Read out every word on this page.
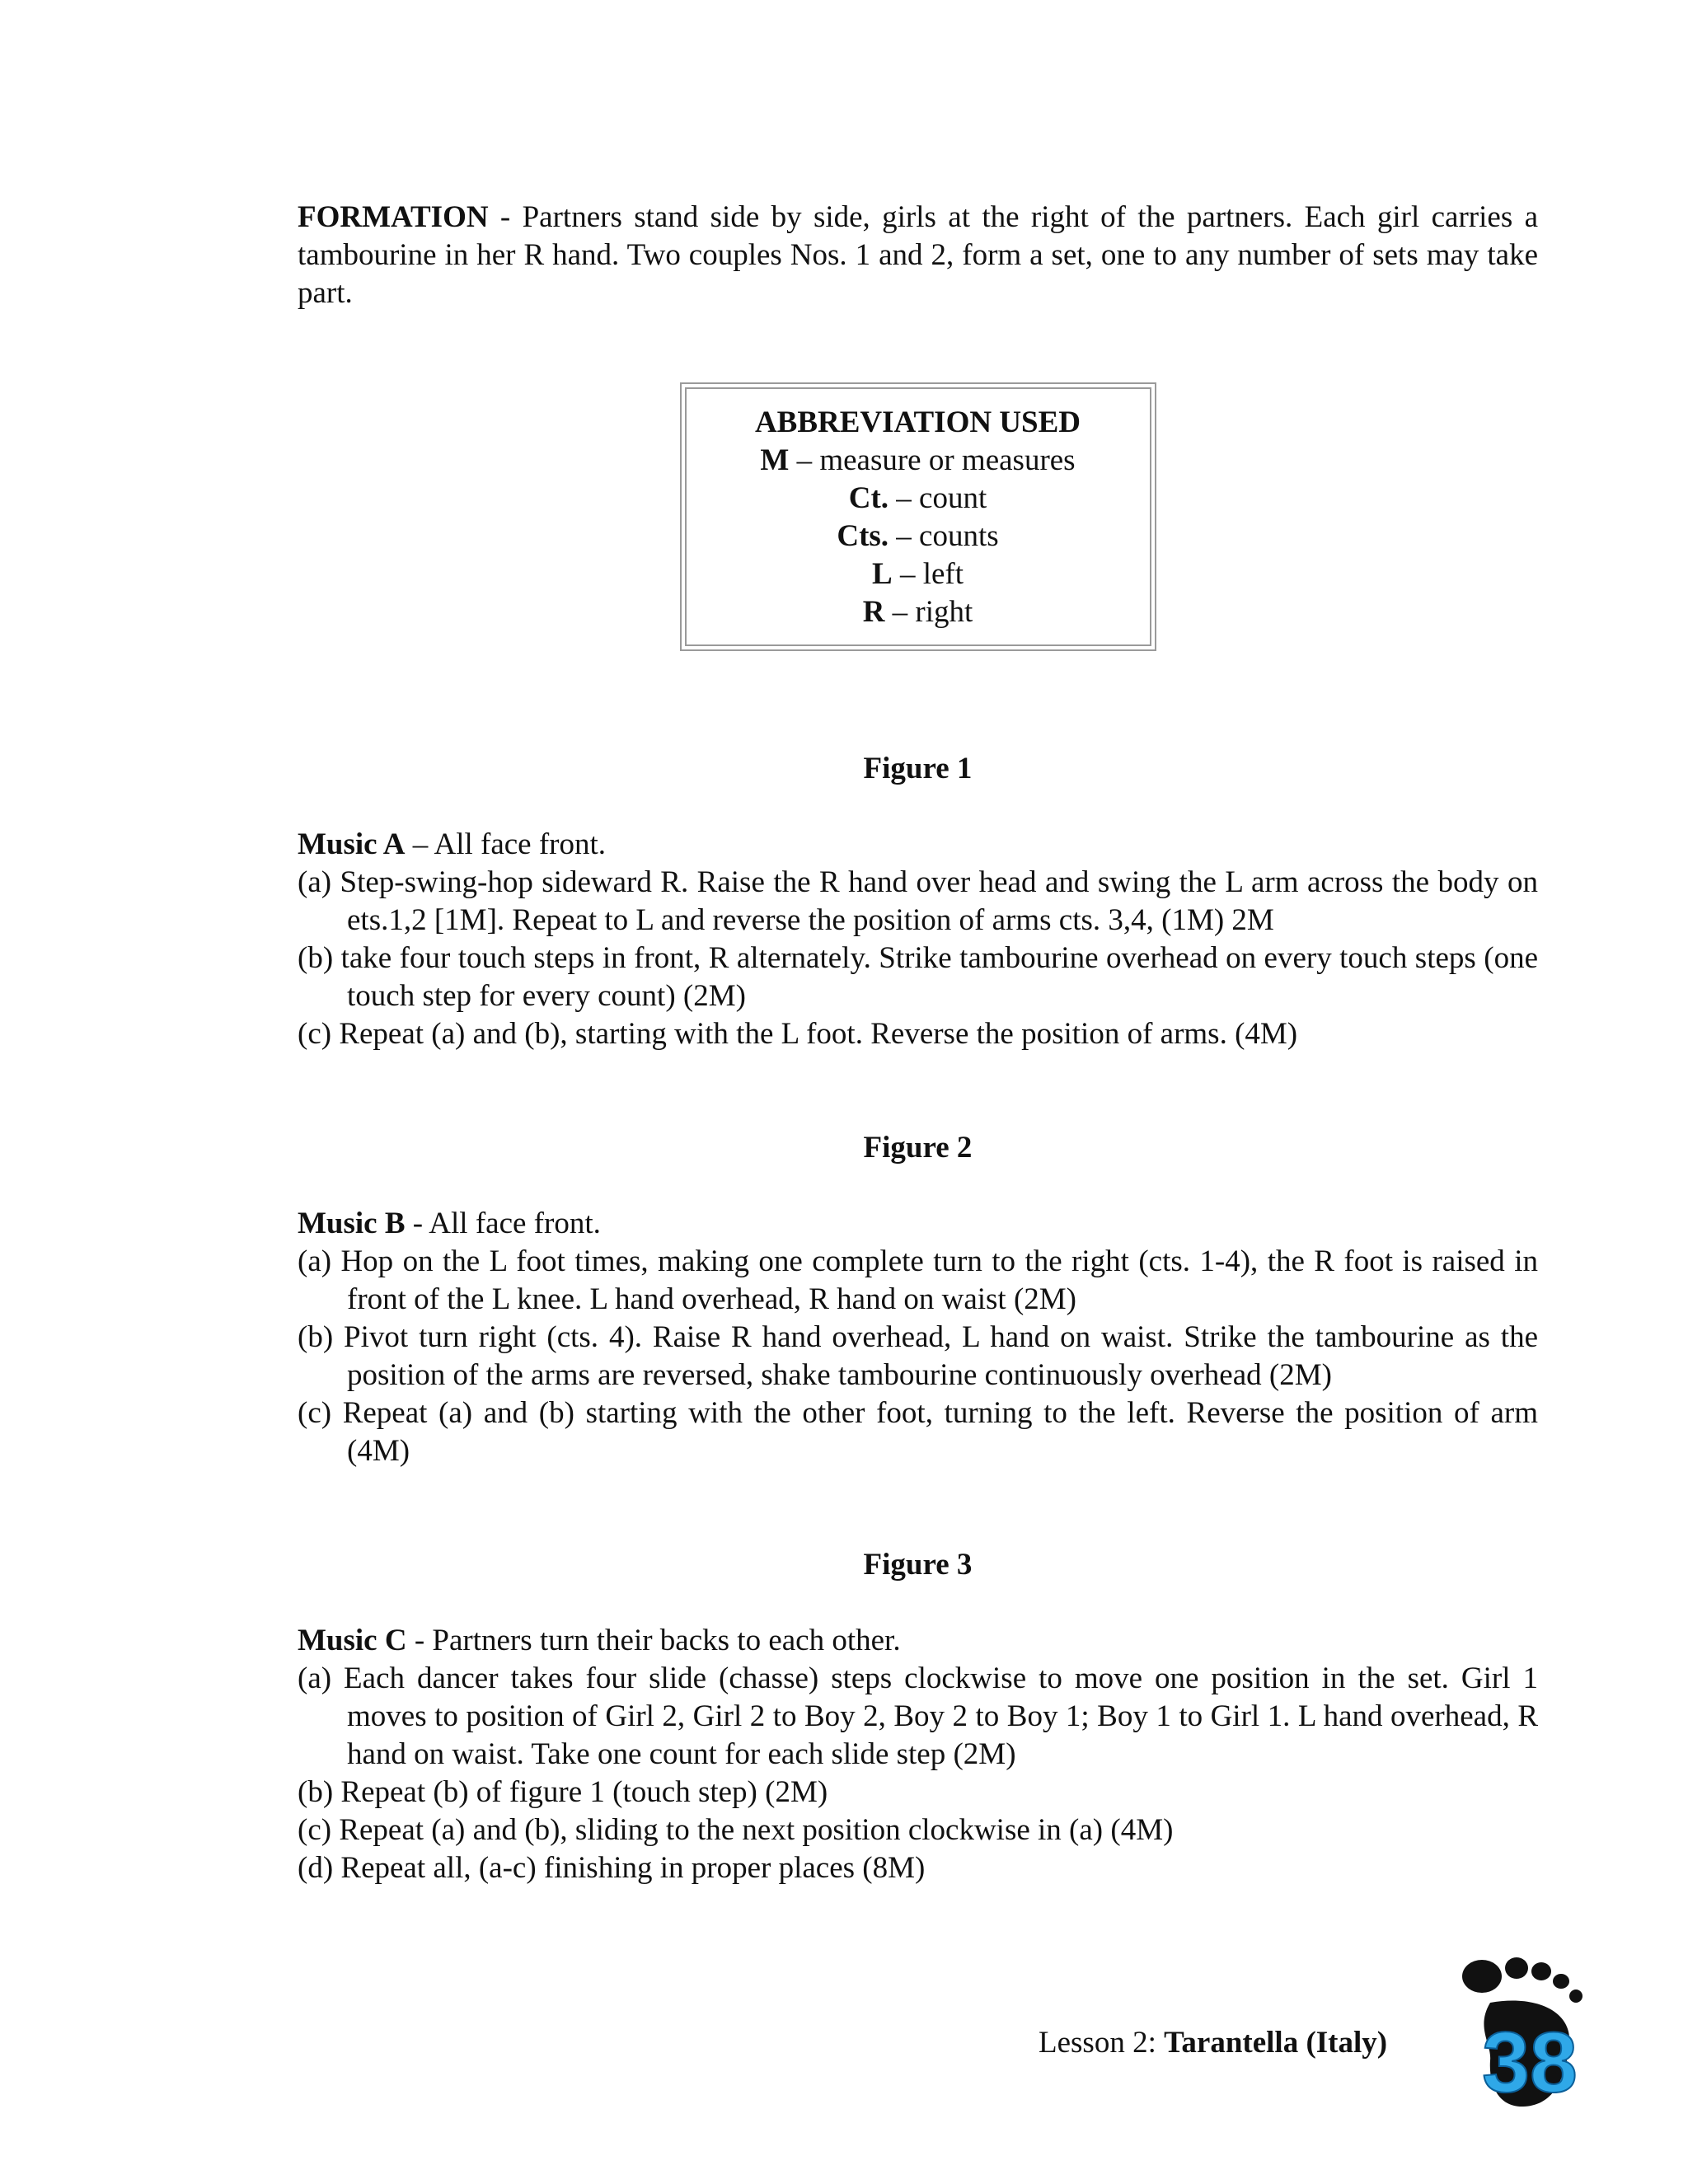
FORMATION - Partners stand side by side, girls at the right of the partners. Each girl carries a tambourine in her R hand. Two couples Nos. 1 and 2, form a set, one to any number of sets may take part.

ABBREVIATION USED
M – measure or measures
Ct. – count
Cts. – counts
L – left
R – right
Figure 1
Music A – All face front.
(a) Step-swing-hop sideward R. Raise the R hand over head and swing the L arm across the body on ets.1,2 [1M]. Repeat to L and reverse the position of arms cts. 3,4, (1M) 2M
(b) take four touch steps in front, R alternately. Strike tambourine overhead on every touch steps (one touch step for every count) (2M)
(c) Repeat (a) and (b), starting with the L foot. Reverse the position of arms. (4M)
Figure 2
Music B - All face front.
(a) Hop on the L foot times, making one complete turn to the right (cts. 1-4), the R foot is raised in front of the L knee. L hand overhead, R hand on waist (2M)
(b) Pivot turn right (cts. 4). Raise R hand overhead, L hand on waist. Strike the tambourine as the position of the arms are reversed, shake tambourine continuously overhead (2M)
(c) Repeat (a) and (b) starting with the other foot, turning to the left. Reverse the position of arm (4M)
Figure 3
Music C - Partners turn their backs to each other.
(a) Each dancer takes four slide (chasse) steps clockwise to move one position in the set. Girl 1 moves to position of Girl 2, Girl 2 to Boy 2, Boy 2 to Boy 1; Boy 1 to Girl 1. L hand overhead, R hand on waist. Take one count for each slide step (2M)
(b) Repeat (b) of figure 1 (touch step) (2M)
(c) Repeat (a) and (b), sliding to the next position clockwise in (a) (4M)
(d) Repeat all, (a-c) finishing in proper places (8M)
Lesson 2: Tarantella (Italy) 38
